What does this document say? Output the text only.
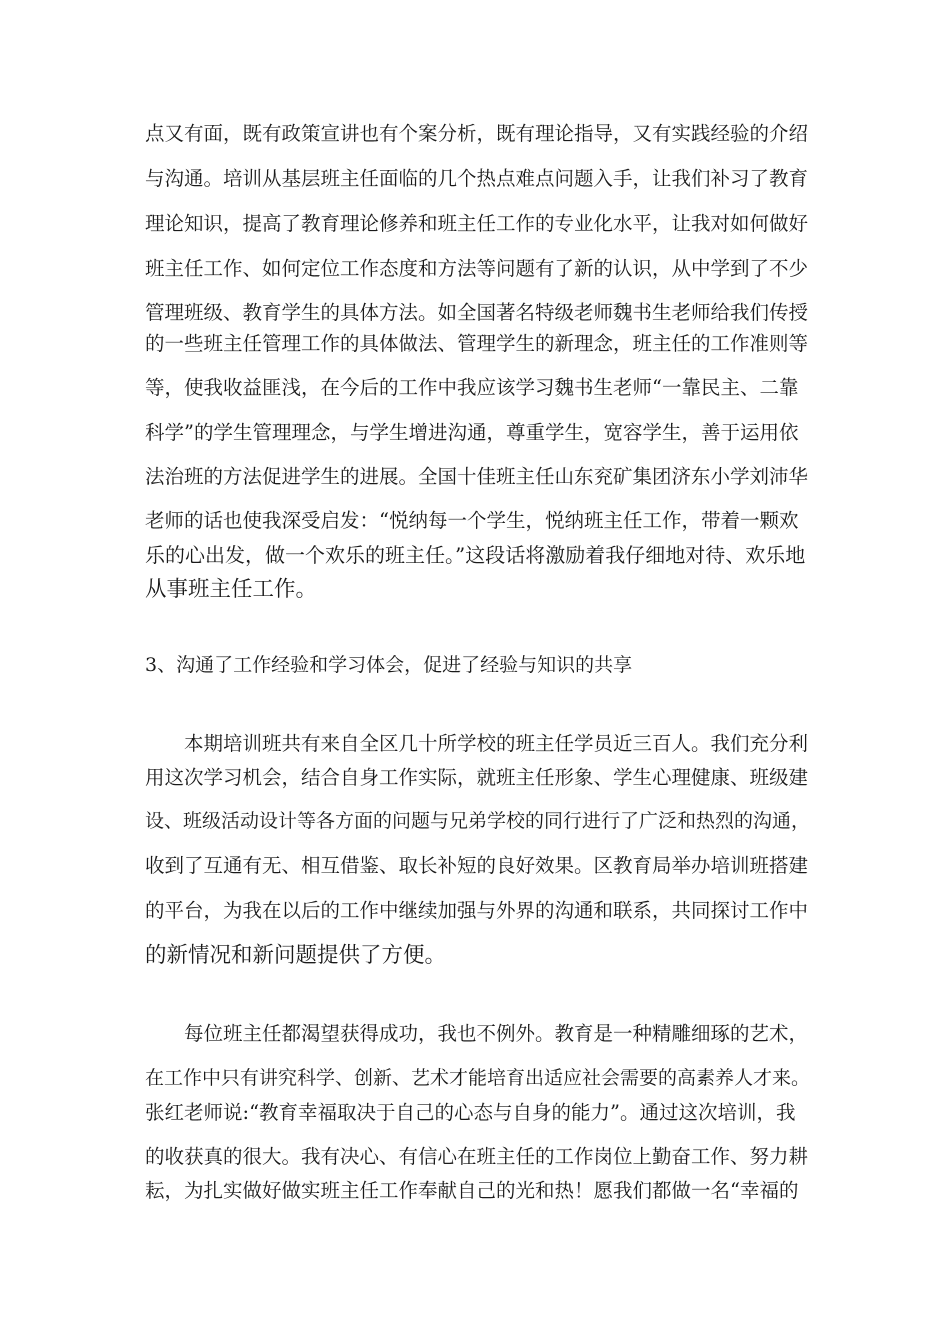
点又有面，既有政策宣讲也有个案分析，既有理论指导，又有实践经验的介绍
与沟通。培训从基层班主任面临的几个热点难点问题入手，让我们补习了教育
理论知识，提高了教育理论修养和班主任工作的专业化水平，让我对如何做好
班主任工作、如何定位工作态度和方法等问题有了新的认识，从中学到了不少
管理班级、教育学生的具体方法。如全国著名特级老师魏书生老师给我们传授
的一些班主任管理工作的具体做法、管理学生的新理念，班主任的工作准则等
等，使我收益匪浅，在今后的工作中我应该学习魏书生老师“一靠民主、二靠
科学”的学生管理理念，与学生增进沟通，尊重学生，宽容学生，善于运用依
法治班的方法促进学生的进展。全国十佳班主任山东兖矿集团济东小学刘沛华
老师的话也使我深受启发：“悦纳每一个学生，悦纳班主任工作，带着一颗欢
乐的心出发，做一个欢乐的班主任。”这段话将激励着我仔细地对待、欢乐地
从事班主任工作。
3、沟通了工作经验和学习体会，促进了经验与知识的共享
　　本期培训班共有来自全区几十所学校的班主任学员近三百人。我们充分利
用这次学习机会，结合自身工作实际，就班主任形象、学生心理健康、班级建
设、班级活动设计等各方面的问题与兄弟学校的同行进行了广泛和热烈的沟通，
收到了互通有无、相互借鉴、取长补短的良好效果。区教育局举办培训班搭建
的平台，为我在以后的工作中继续加强与外界的沟通和联系，共同探讨工作中
的新情况和新问题提供了方便。
　　每位班主任都渴望获得成功，我也不例外。教育是一种精雕细琢的艺术，
在工作中只有讲究科学、创新、艺术才能培育出适应社会需要的高素养人才来。
张红老师说:“教育幸福取决于自己的心态与自身的能力”。通过这次培训，我
的收获真的很大。我有决心、有信心在班主任的工作岗位上勤奋工作、努力耕
耘，为扎实做好做实班主任工作奉献自己的光和热！愿我们都做一名“幸福的
